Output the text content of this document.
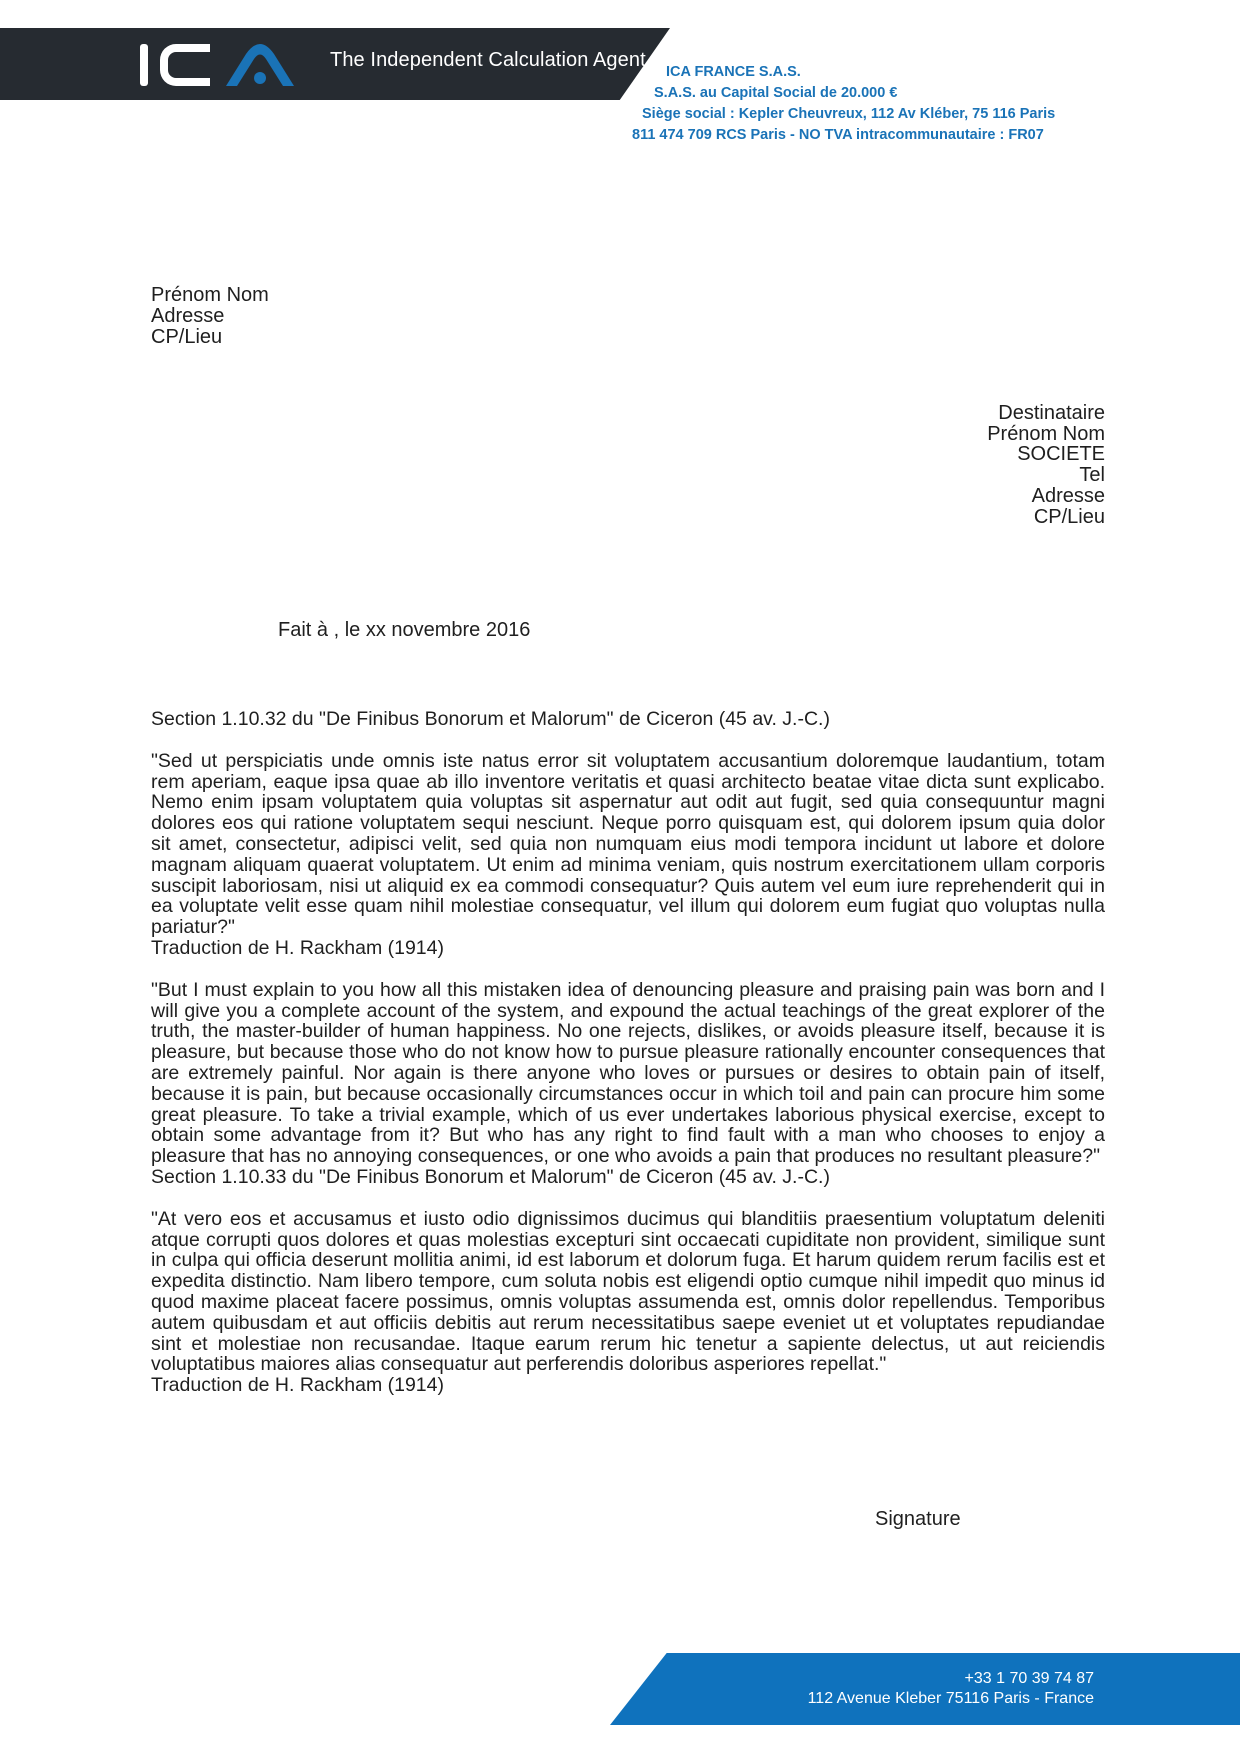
The Independent Calculation Agent
ICA FRANCE S.A.S.
S.A.S. au Capital Social de 20.000 €
Siège social : Kepler Cheuvreux, 112 Av Kléber, 75 116 Paris
811 474 709 RCS Paris - NO TVA intracommunautaire : FR07
Prénom Nom
Adresse
CP/Lieu
Destinataire
Prénom Nom
SOCIETE
Tel
Adresse
CP/Lieu
Fait à , le xx novembre 2016

Section 1.10.32 du "De Finibus Bonorum et Malorum" de Ciceron (45 av. J.-C.)

"Sed ut perspiciatis unde omnis iste natus error sit voluptatem accusantium doloremque laudantium, totam rem aperiam, eaque ipsa quae ab illo inventore veritatis et quasi architecto beatae vitae dicta sunt explicabo. Nemo enim ipsam voluptatem quia voluptas sit aspernatur aut odit aut fugit, sed quia consequuntur magni dolores eos qui ratione voluptatem sequi nesciunt. Neque porro quisquam est, qui dolorem ipsum quia dolor sit amet, consectetur, adipisci velit, sed quia non numquam eius modi tempora incidunt ut labore et dolore magnam aliquam quaerat voluptatem. Ut enim ad minima veniam, quis nostrum exercitationem ullam corporis suscipit laboriosam, nisi ut aliquid ex ea commodi consequatur? Quis autem vel eum iure reprehenderit qui in ea voluptate velit esse quam nihil molestiae consequatur, vel illum qui dolorem eum fugiat quo voluptas nulla pariatur?"

Traduction de H. Rackham (1914)

"But I must explain to you how all this mistaken idea of denouncing pleasure and praising pain was born and I will give you a complete account of the system, and expound the actual teachings of the great explorer of the truth, the master-builder of human happiness. No one rejects, dislikes, or avoids pleasure itself, because it is pleasure, but because those who do not know how to pursue pleasure rationally encounter consequences that are extremely painful. Nor again is there anyone who loves or pursues or desires to obtain pain of itself, because it is pain, but because occasionally circumstances occur in which toil and pain can procure him some great pleasure. To take a trivial example, which of us ever undertakes laborious physical exercise, except to obtain some advantage from it? But who has any right to find fault with a man who chooses to enjoy a pleasure that has no annoying consequences, or one who avoids a pain that produces no resultant pleasure?"

Section 1.10.33 du "De Finibus Bonorum et Malorum" de Ciceron (45 av. J.-C.)

"At vero eos et accusamus et iusto odio dignissimos ducimus qui blanditiis praesentium voluptatum deleniti atque corrupti quos dolores et quas molestias excepturi sint occaecati cupiditate non provident, similique sunt in culpa qui officia deserunt mollitia animi, id est laborum et dolorum fuga. Et harum quidem rerum facilis est et expedita distinctio. Nam libero tempore, cum soluta nobis est eligendi optio cumque nihil impedit quo minus id quod maxime placeat facere possimus, omnis voluptas assumenda est, omnis dolor repellendus. Temporibus autem quibusdam et aut officiis debitis aut rerum necessitatibus saepe eveniet ut et voluptates repudiandae sint et molestiae non recusandae. Itaque earum rerum hic tenetur a sapiente delectus, ut aut reiciendis voluptatibus maiores alias consequatur aut perferendis doloribus asperiores repellat."

Traduction de H. Rackham (1914)

Signature
+33 1 70 39 74 87
112 Avenue Kleber 75116 Paris - France
